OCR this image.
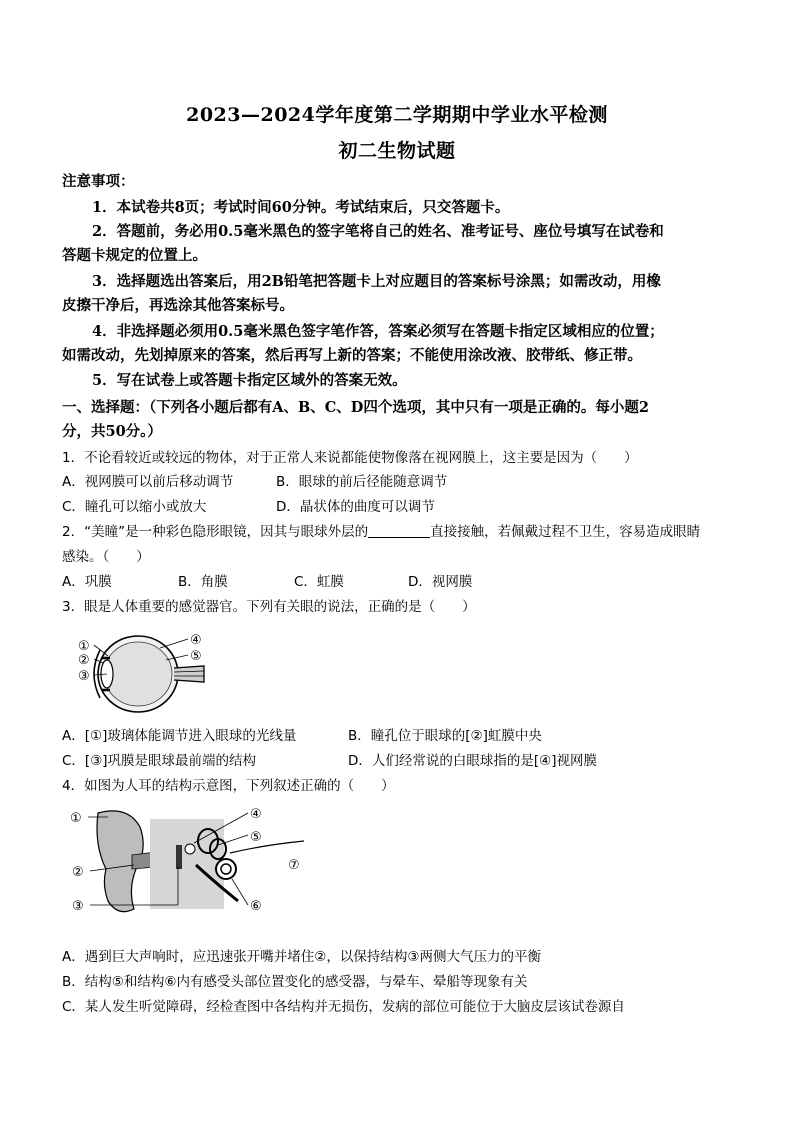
2023—2024学年度第二学期期中学业水平检测
初二生物试题
注意事项：
1．本试卷共8页；考试时间60分钟。考试结束后，只交答题卡。
2．答题前，务必用0.5毫米黑色的签字笔将自己的姓名、准考证号、座位号填写在试卷和
答题卡规定的位置上。
3．选择题选出答案后，用2B铅笔把答题卡上对应题目的答案标号涂黑；如需改动，用橡
皮擦干净后，再选涂其他答案标号。
4．非选择题必须用0.5毫米黑色签字笔作答，答案必须写在答题卡指定区域相应的位置；
如需改动，先划掉原来的答案，然后再写上新的答案；不能使用涂改液、胶带纸、修正带。
5．写在试卷上或答题卡指定区域外的答案无效。
一、选择题：（下列各小题后都有A、B、C、D四个选项，其中只有一项是正确的。每小题2
分，共50分。）
1．不论看较近或较远的物体，对于正常人来说都能使物像落在视网膜上，这主要是因为（　　）
A．视网膜可以前后移动调节	B．眼球的前后径能随意调节
C．瞳孔可以缩小或放大	D．晶状体的曲度可以调节
2．“美瞳”是一种彩色隐形眼镜，因其与眼球外层的	直接接触，若佩戴过程不卫生，容易造成眼睛
感染。（　　）
A．巩膜	B．角膜	C．虹膜	D．视网膜
3．眼是人体重要的感觉器官。下列有关眼的说法，正确的是（　　）
①
②
③
④
⑤
A．[①]玻璃体能调节进入眼球的光线量	B．瞳孔位于眼球的[②]虹膜中央
C．[③]巩膜是眼球最前端的结构	D．人们经常说的白眼球指的是[④]视网膜
4．如图为人耳的结构示意图，下列叙述正确的（　　）
①
②
③
④
⑤
⑥
⑦
A．遇到巨大声响时，应迅速张开嘴并堵住②，以保持结构③两侧大气压力的平衡
B．结构⑤和结构⑥内有感受头部位置变化的感受器，与晕车、晕船等现象有关
C．某人发生听觉障碍，经检查图中各结构并无损伤，发病的部位可能位于大脑皮层该试卷源自
